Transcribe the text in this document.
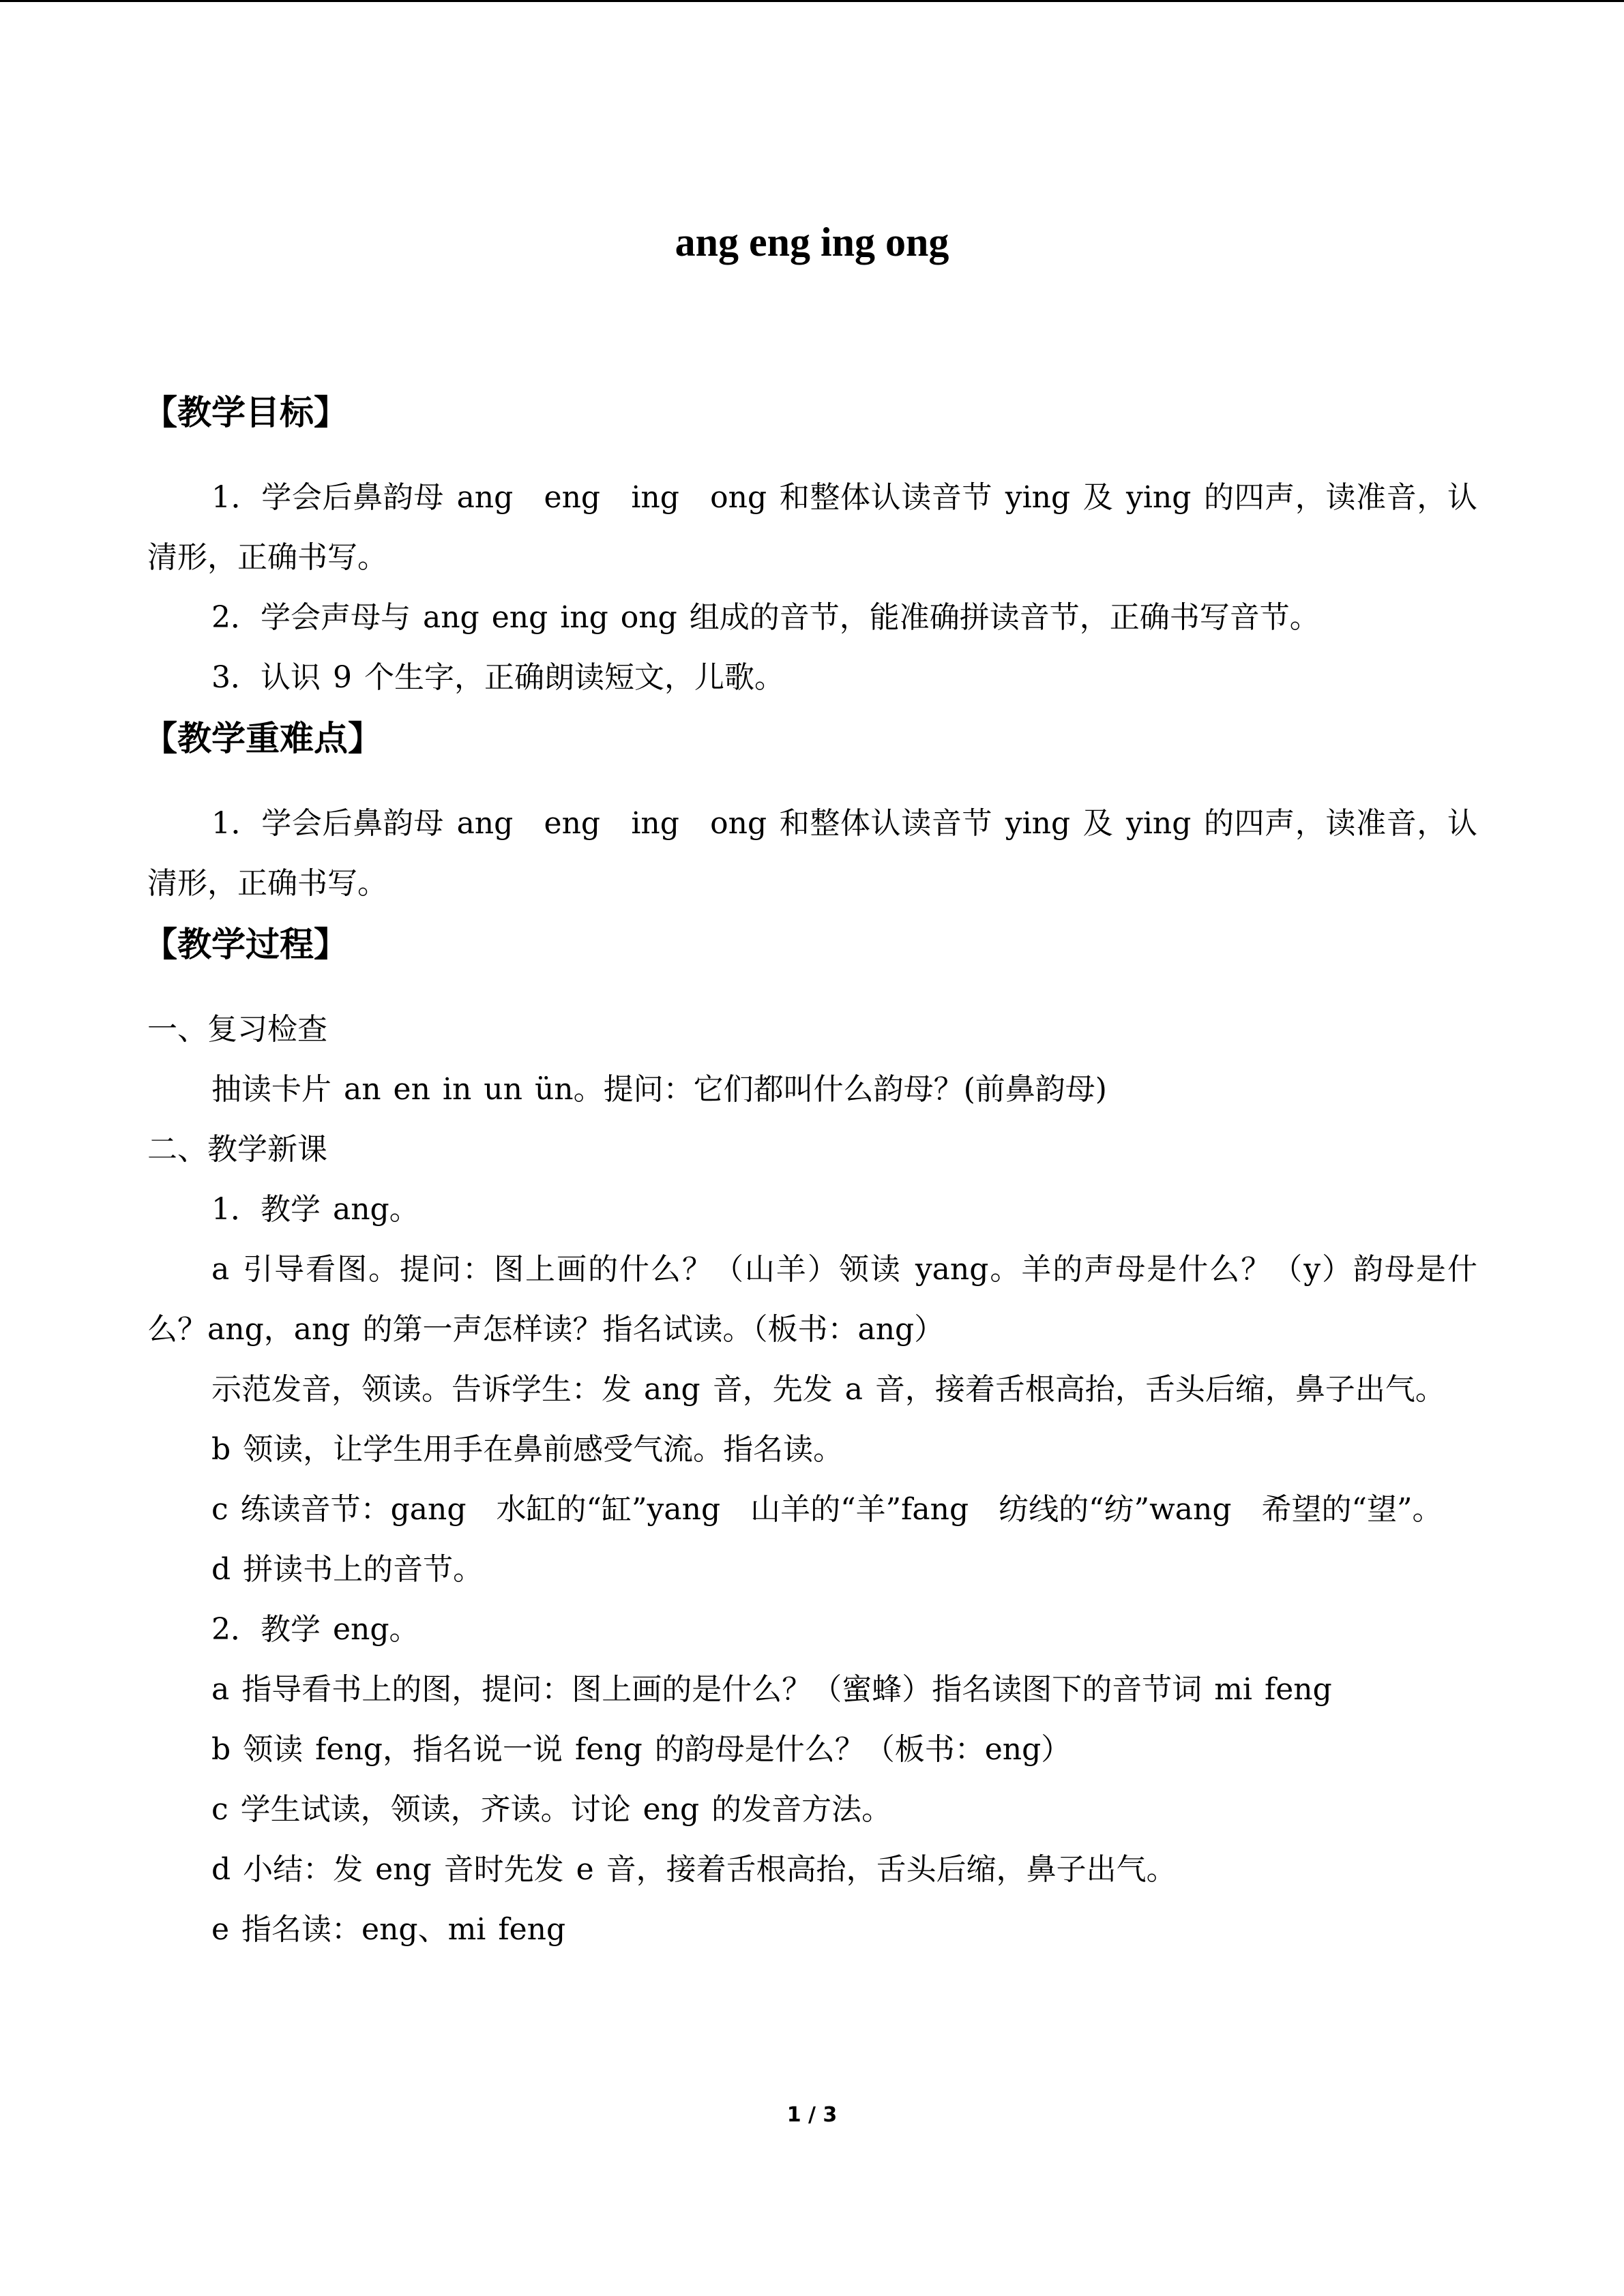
ang eng ing ong
【教学目标】
1．学会后鼻韵母 ang　eng　ing　ong 和整体认读音节 ying 及 ying 的四声，读准音，认清形，正确书写。
2．学会声母与 ang eng ing ong 组成的音节，能准确拼读音节，正确书写音节。
3．认识 9 个生字，正确朗读短文，儿歌。
【教学重难点】
1．学会后鼻韵母 ang　eng　ing　ong 和整体认读音节 ying 及 ying 的四声，读准音，认清形，正确书写。
【教学过程】
一、复习检查
抽读卡片 an en in un ün。提问：它们都叫什么韵母？(前鼻韵母)
二、教学新课
1．教学 ang。
a 引导看图。提问：图上画的什么？（山羊）领读 yang。羊的声母是什么？（y）韵母是什么？ang，ang 的第一声怎样读？指名试读。（板书：ang）
示范发音，领读。告诉学生：发 ang 音，先发 a 音，接着舌根高抬，舌头后缩，鼻子出气。
b 领读，让学生用手在鼻前感受气流。指名读。
c 练读音节：gang　水缸的“缸”yang　山羊的“羊”fang　纺线的“纺”wang　希望的“望”。
d 拼读书上的音节。
2．教学 eng。
a 指导看书上的图，提问：图上画的是什么？（蜜蜂）指名读图下的音节词 mi feng
b 领读 feng，指名说一说 feng 的韵母是什么？（板书：eng）
c 学生试读，领读，齐读。讨论 eng 的发音方法。
d 小结：发 eng 音时先发 e 音，接着舌根高抬，舌头后缩，鼻子出气。
e 指名读：eng、mi feng
1 / 3
